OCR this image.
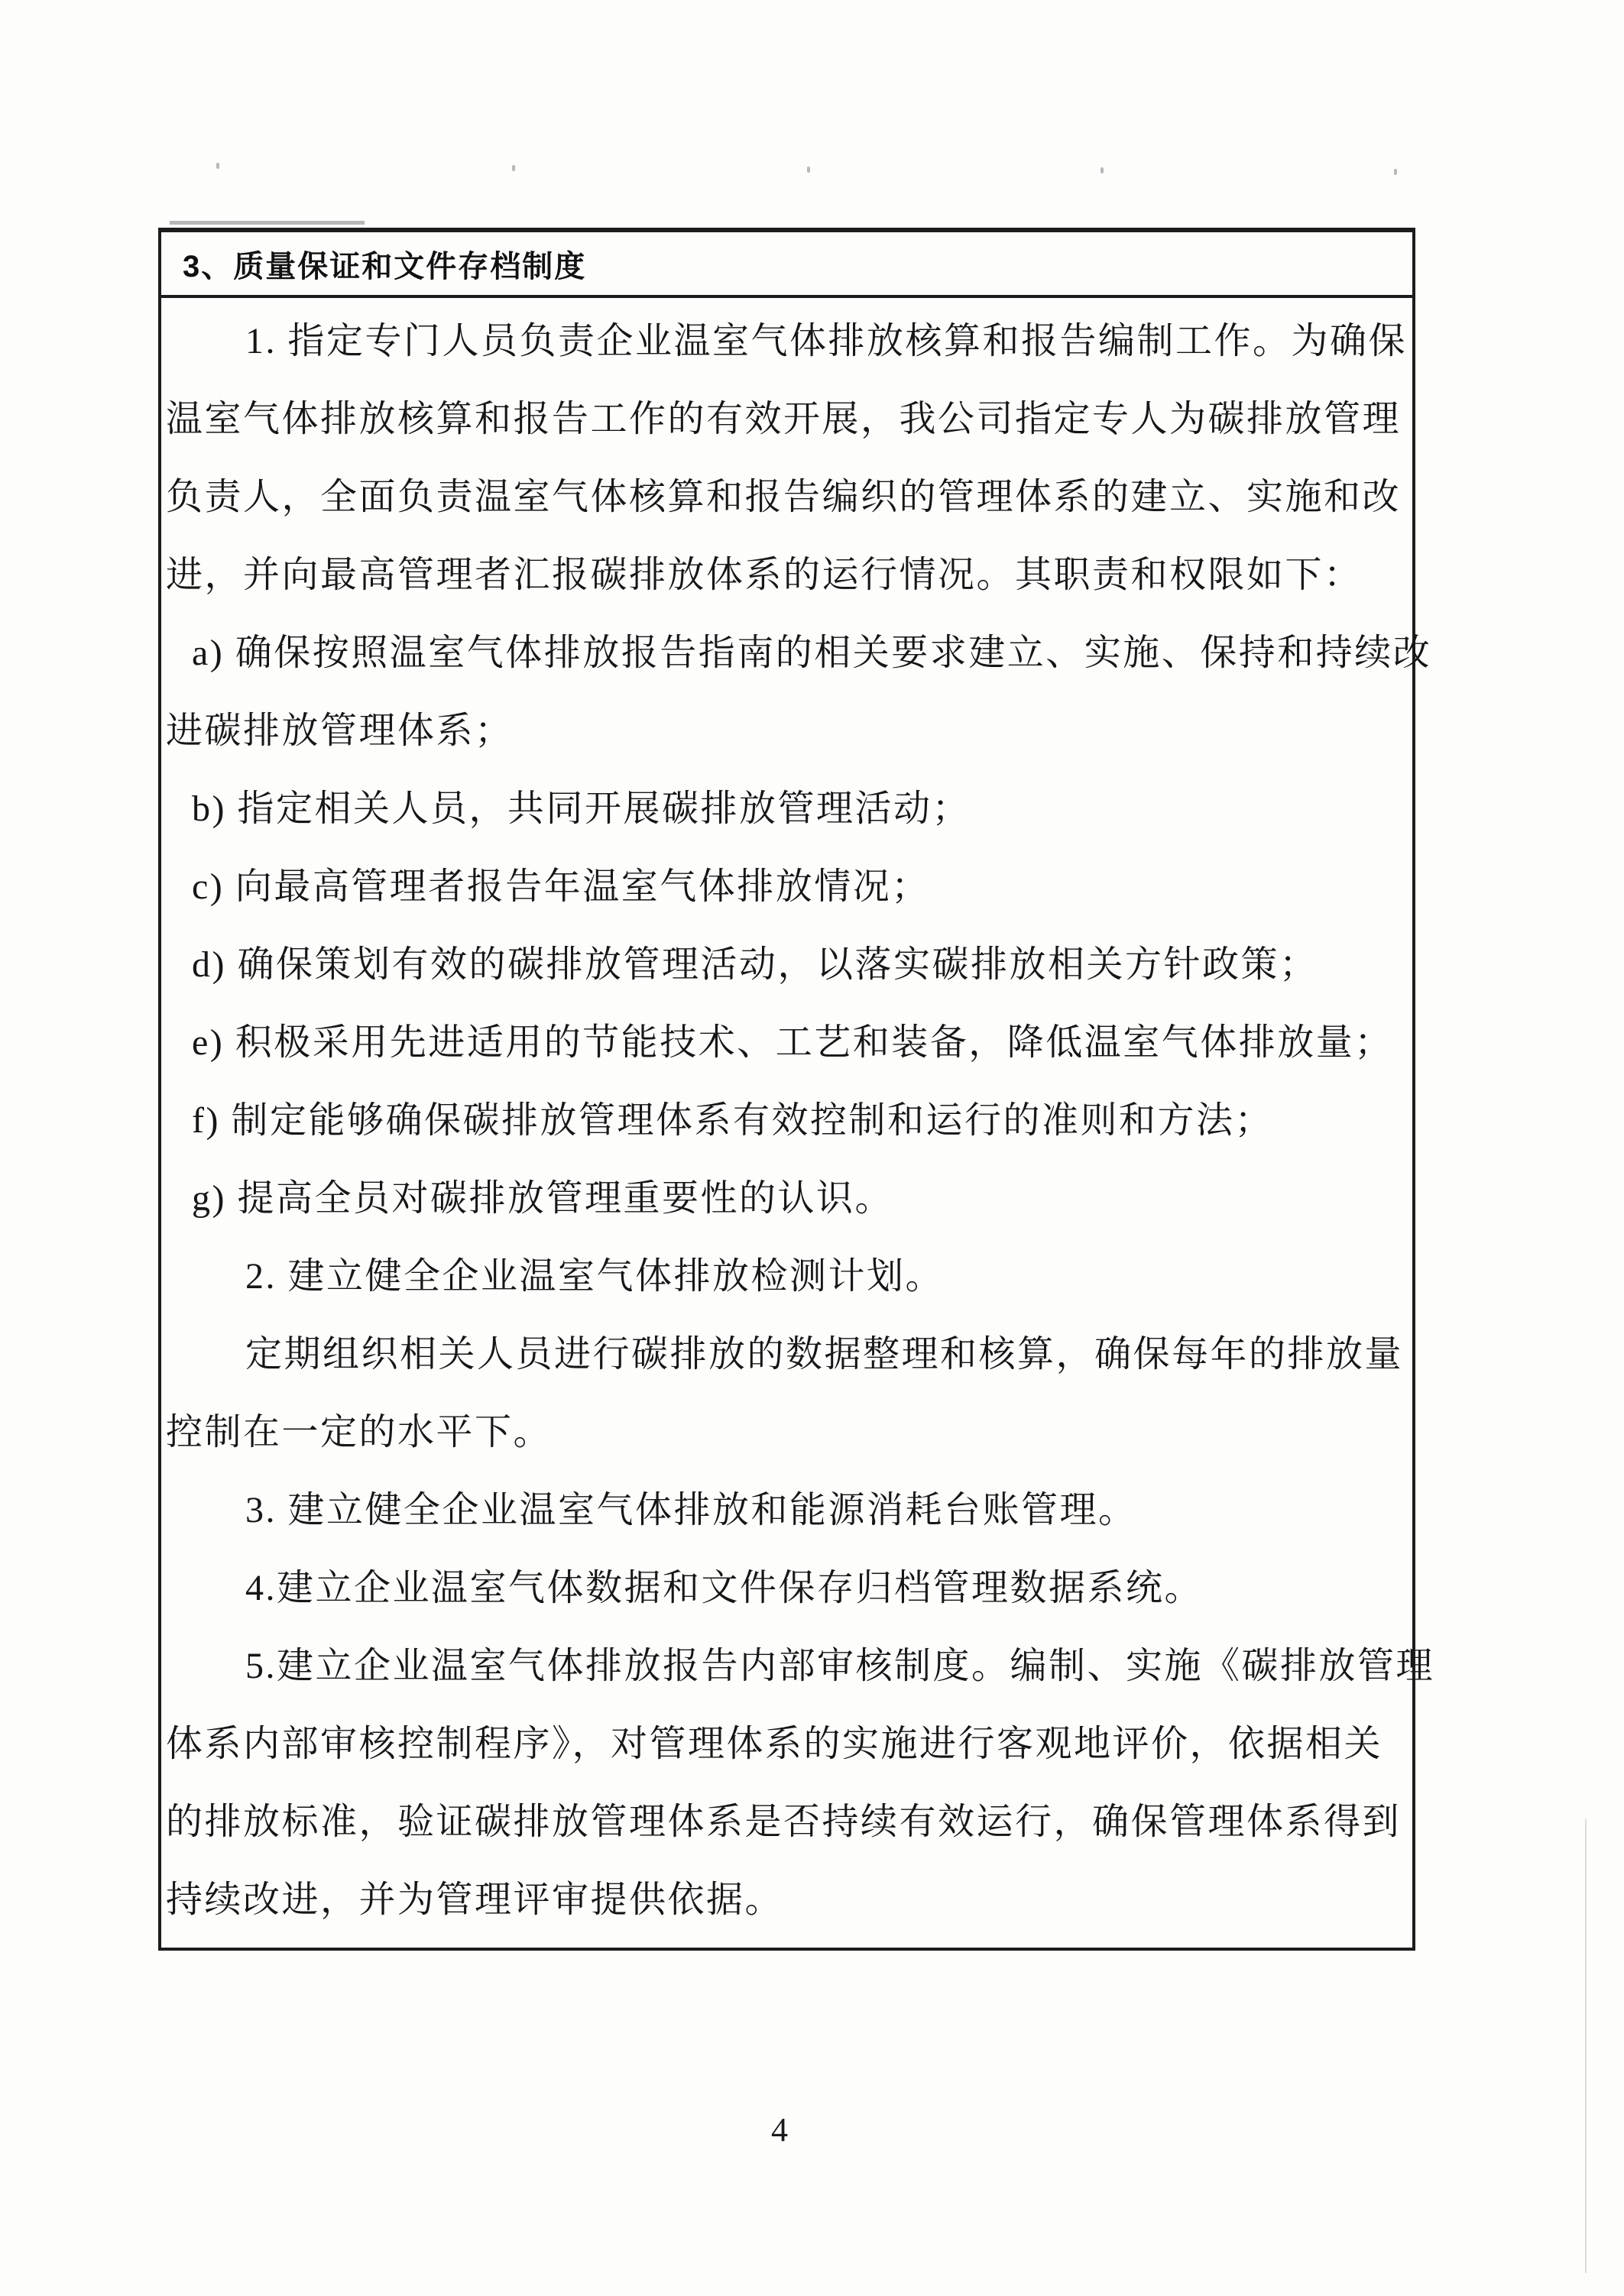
3、质量保证和文件存档制度
1. 指定专门人员负责企业温室气体排放核算和报告编制工作。为确保
温室气体排放核算和报告工作的有效开展，我公司指定专人为碳排放管理
负责人，全面负责温室气体核算和报告编织的管理体系的建立、实施和改
进，并向最高管理者汇报碳排放体系的运行情况。其职责和权限如下：
a) 确保按照温室气体排放报告指南的相关要求建立、实施、保持和持续改
进碳排放管理体系；
b) 指定相关人员，共同开展碳排放管理活动；
c) 向最高管理者报告年温室气体排放情况；
d) 确保策划有效的碳排放管理活动，以落实碳排放相关方针政策；
e) 积极采用先进适用的节能技术、工艺和装备，降低温室气体排放量；
f) 制定能够确保碳排放管理体系有效控制和运行的准则和方法；
g) 提高全员对碳排放管理重要性的认识。
2. 建立健全企业温室气体排放检测计划。
定期组织相关人员进行碳排放的数据整理和核算，确保每年的排放量
控制在一定的水平下。
3. 建立健全企业温室气体排放和能源消耗台账管理。
4.建立企业温室气体数据和文件保存归档管理数据系统。
5.建立企业温室气体排放报告内部审核制度。编制、实施《碳排放管理
体系内部审核控制程序》，对管理体系的实施进行客观地评价，依据相关
的排放标准，验证碳排放管理体系是否持续有效运行，确保管理体系得到
持续改进，并为管理评审提供依据。
4
